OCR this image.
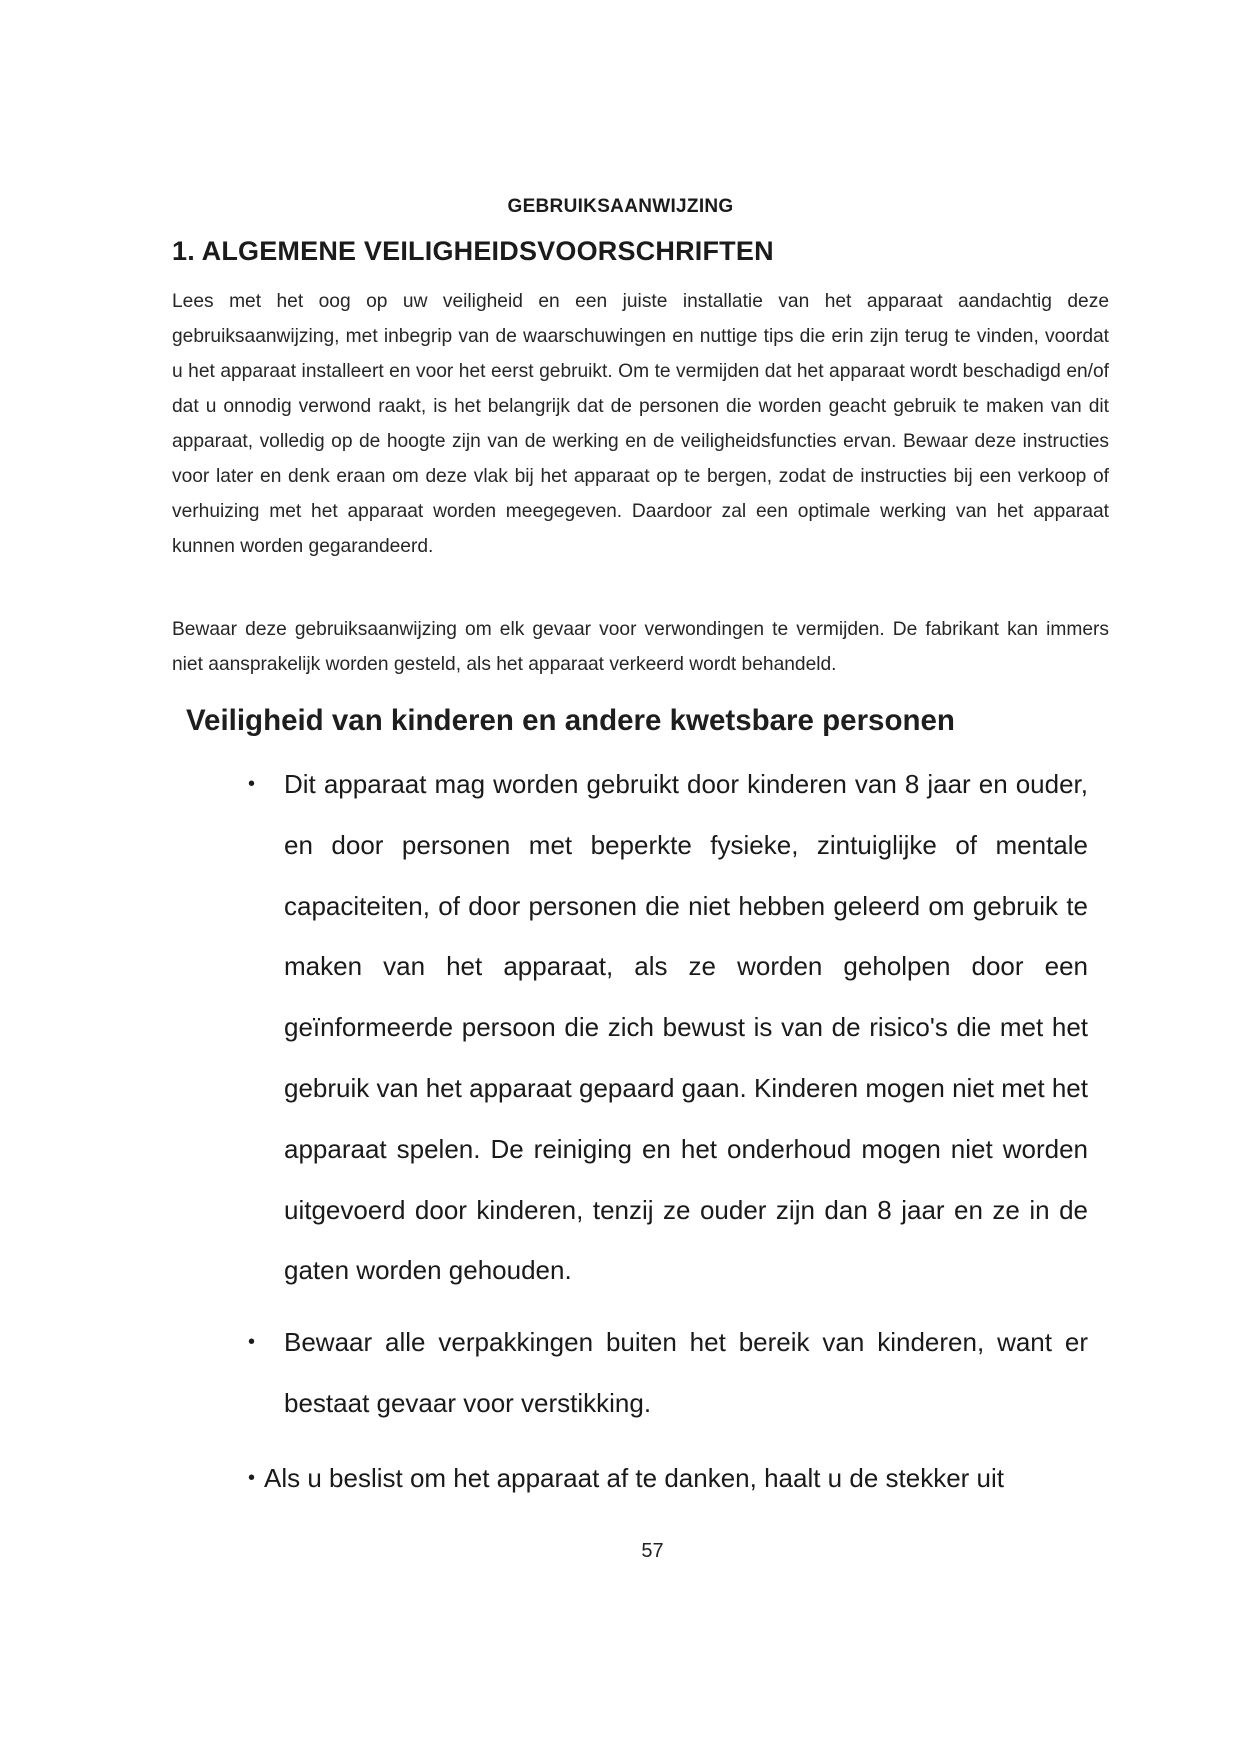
GEBRUIKSAANWIJZING
1. ALGEMENE VEILIGHEIDSVOORSCHRIFTEN

Lees met het oog op uw veiligheid en een juiste installatie van het apparaat aandachtig deze gebruiksaanwijzing, met inbegrip van de waarschuwingen en nuttige tips die erin zijn terug te vinden, voordat u het apparaat installeert en voor het eerst gebruikt. Om te vermijden dat het apparaat wordt beschadigd en/of dat u onnodig verwond raakt, is het belangrijk dat de personen die worden geacht gebruik te maken van dit apparaat, volledig op de hoogte zijn van de werking en de veiligheidsfuncties ervan. Bewaar deze instructies voor later en denk eraan om deze vlak bij het apparaat op te bergen, zodat de instructies bij een verkoop of verhuizing met het apparaat worden meegegeven. Daardoor zal een optimale werking van het apparaat kunnen worden gegarandeerd.

Bewaar deze gebruiksaanwijzing om elk gevaar voor verwondingen te vermijden. De fabrikant kan immers niet aansprakelijk worden gesteld, als het apparaat verkeerd wordt behandeld.

Veiligheid van kinderen en andere kwetsbare personen
• Dit apparaat mag worden gebruikt door kinderen van 8 jaar en ouder, en door personen met beperkte fysieke, zintuiglijke of mentale capaciteiten, of door personen die niet hebben geleerd om gebruik te maken van het apparaat, als ze worden geholpen door een geïnformeerde persoon die zich bewust is van de risico's die met het gebruik van het apparaat gepaard gaan. Kinderen mogen niet met het apparaat spelen. De reiniging en het onderhoud mogen niet worden uitgevoerd door kinderen, tenzij ze ouder zijn dan 8 jaar en ze in de gaten worden gehouden.
• Bewaar alle verpakkingen buiten het bereik van kinderen, want er bestaat gevaar voor verstikking.
• Als u beslist om het apparaat af te danken, haalt u de stekker uit

57
